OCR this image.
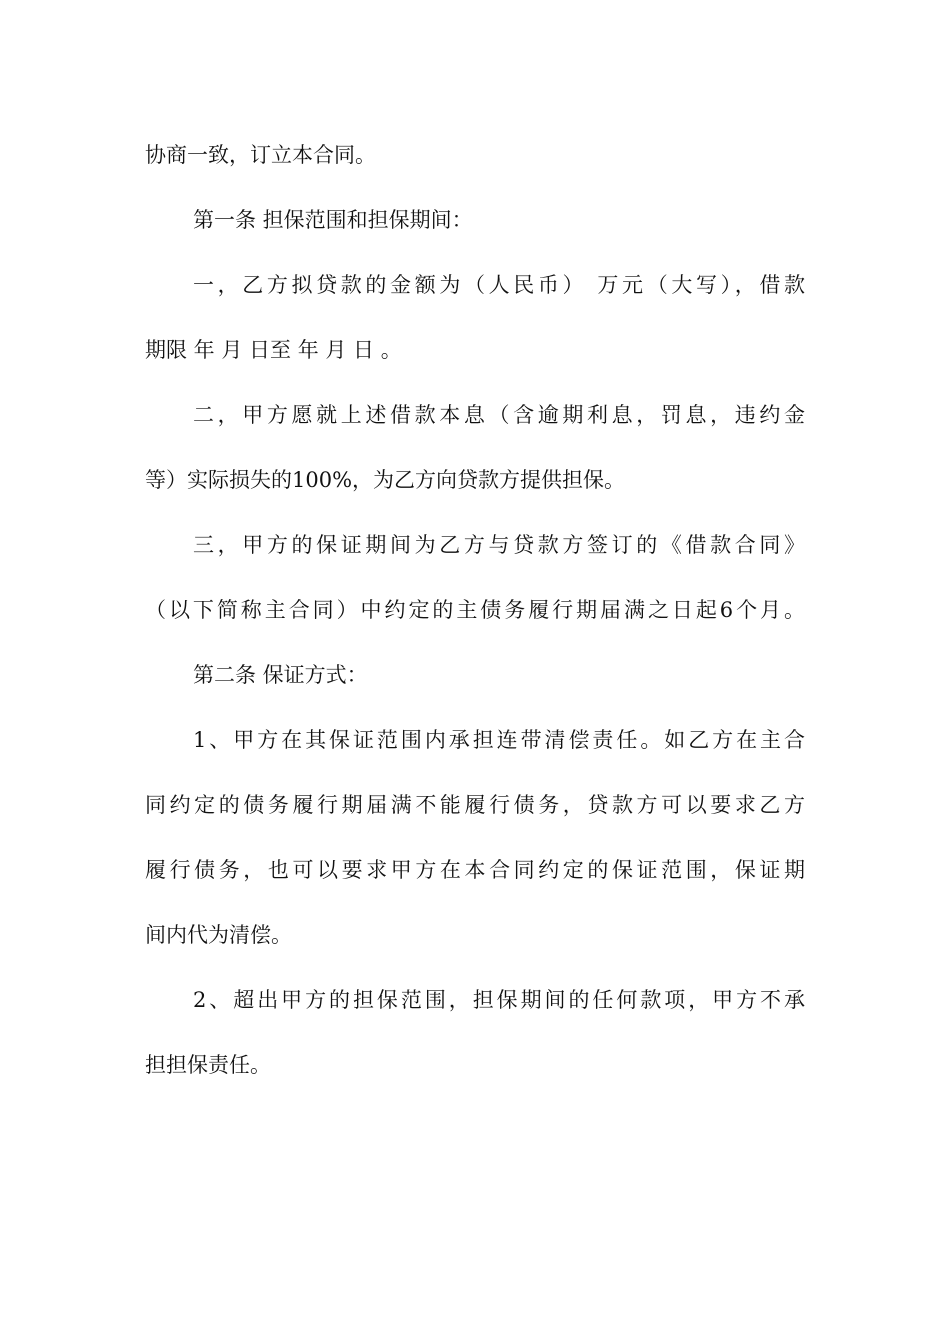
协商一致，订立本合同。
第一条 担保范围和担保期间：
一，乙方拟贷款的金额为（人民币） 万元（大写），借款
期限 年 月 日至 年 月 日 。
二，甲方愿就上述借款本息（含逾期利息，罚息，违约金
等）实际损失的100%，为乙方向贷款方提供担保。
三，甲方的保证期间为乙方与贷款方签订的《借款合同》
（以下简称主合同）中约定的主债务履行期届满之日起6个月。
第二条 保证方式：
1、甲方在其保证范围内承担连带清偿责任。如乙方在主合
同约定的债务履行期届满不能履行债务，贷款方可以要求乙方
履行债务，也可以要求甲方在本合同约定的保证范围，保证期
间内代为清偿。
2、超出甲方的担保范围，担保期间的任何款项，甲方不承
担担保责任。
